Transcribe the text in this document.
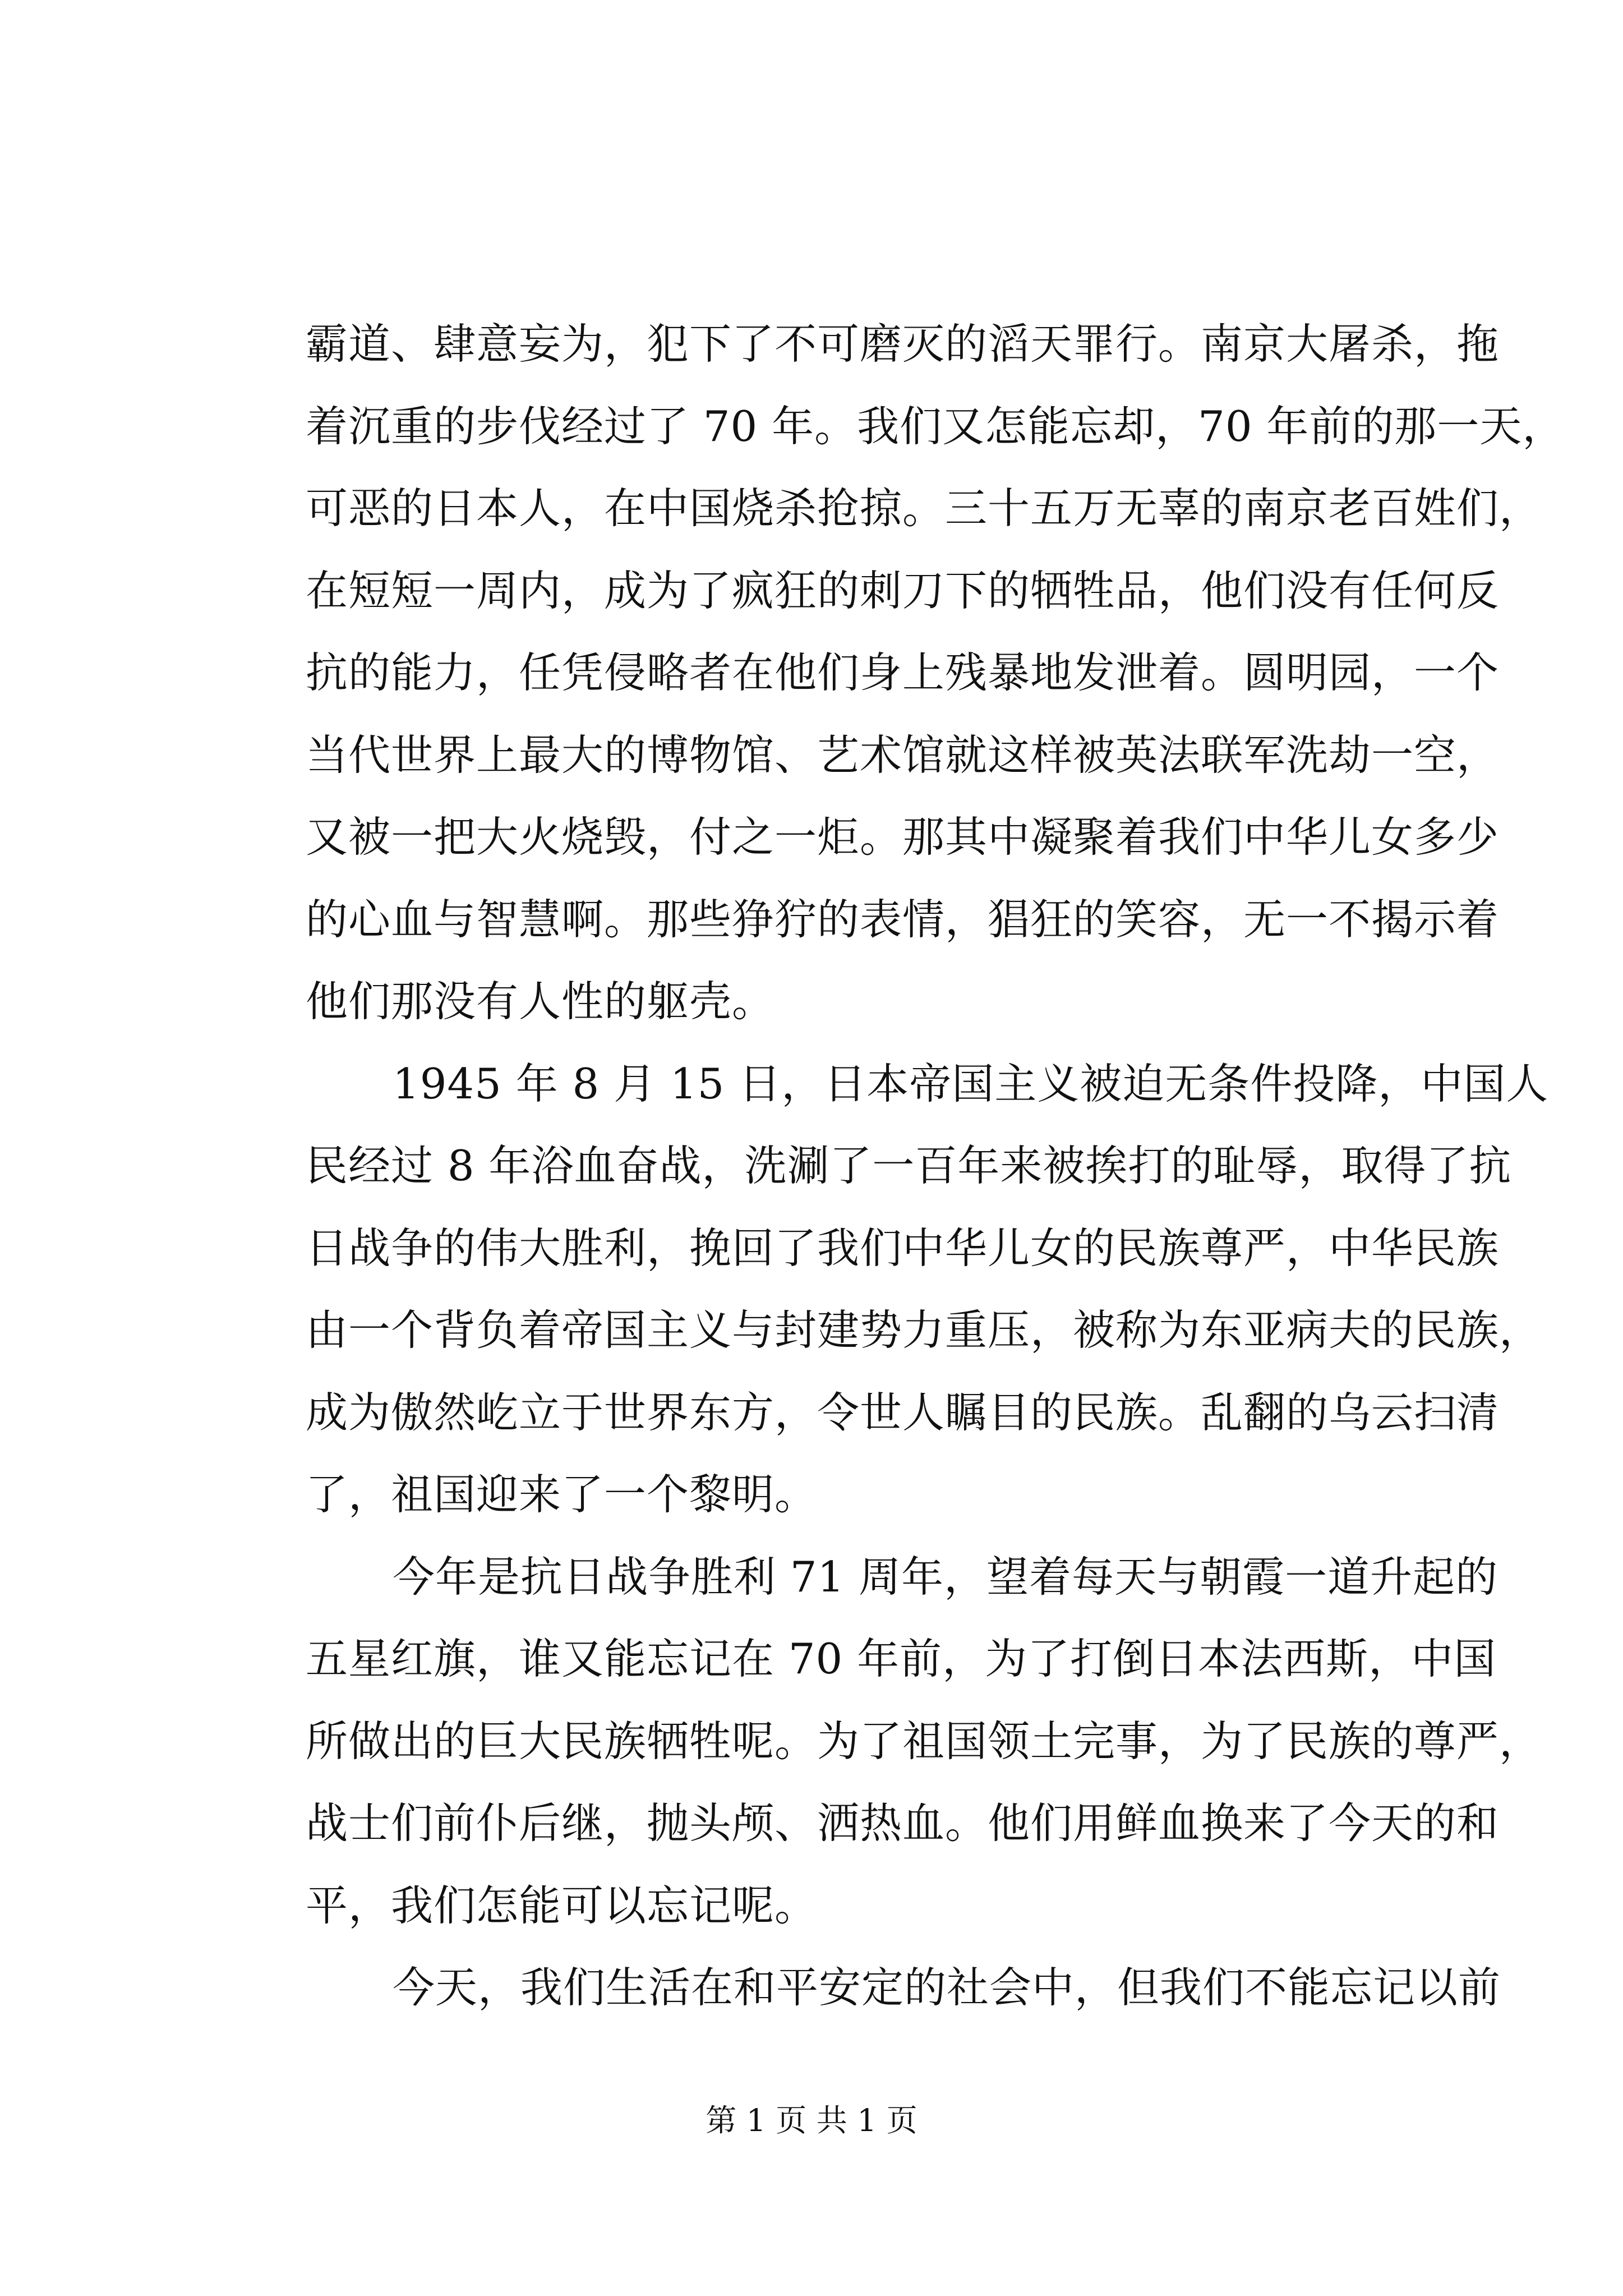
霸道、肆意妄为，犯下了不可磨灭的滔天罪行。南京大屠杀，拖
着沉重的步伐经过了 70 年。我们又怎能忘却，70 年前的那一天，
可恶的日本人，在中国烧杀抢掠。三十五万无辜的南京老百姓们，
在短短一周内，成为了疯狂的刺刀下的牺牲品，他们没有任何反
抗的能力，任凭侵略者在他们身上残暴地发泄着。圆明园，一个
当代世界上最大的博物馆、艺术馆就这样被英法联军洗劫一空，
又被一把大火烧毁，付之一炬。那其中凝聚着我们中华儿女多少
的心血与智慧啊。那些狰狞的表情，猖狂的笑容，无一不揭示着
他们那没有人性的躯壳。
1945 年 8 月 15 日，日本帝国主义被迫无条件投降，中国人
民经过 8 年浴血奋战，洗涮了一百年来被挨打的耻辱，取得了抗
日战争的伟大胜利，挽回了我们中华儿女的民族尊严，中华民族
由一个背负着帝国主义与封建势力重压，被称为东亚病夫的民族，
成为傲然屹立于世界东方，令世人瞩目的民族。乱翻的乌云扫清
了，祖国迎来了一个黎明。
今年是抗日战争胜利 71 周年，望着每天与朝霞一道升起的
五星红旗，谁又能忘记在 70 年前，为了打倒日本法西斯，中国
所做出的巨大民族牺牲呢。为了祖国领土完事，为了民族的尊严，
战士们前仆后继，抛头颅、洒热血。他们用鲜血换来了今天的和
平，我们怎能可以忘记呢。
今天，我们生活在和平安定的社会中，但我们不能忘记以前
第 1 页 共 1 页
